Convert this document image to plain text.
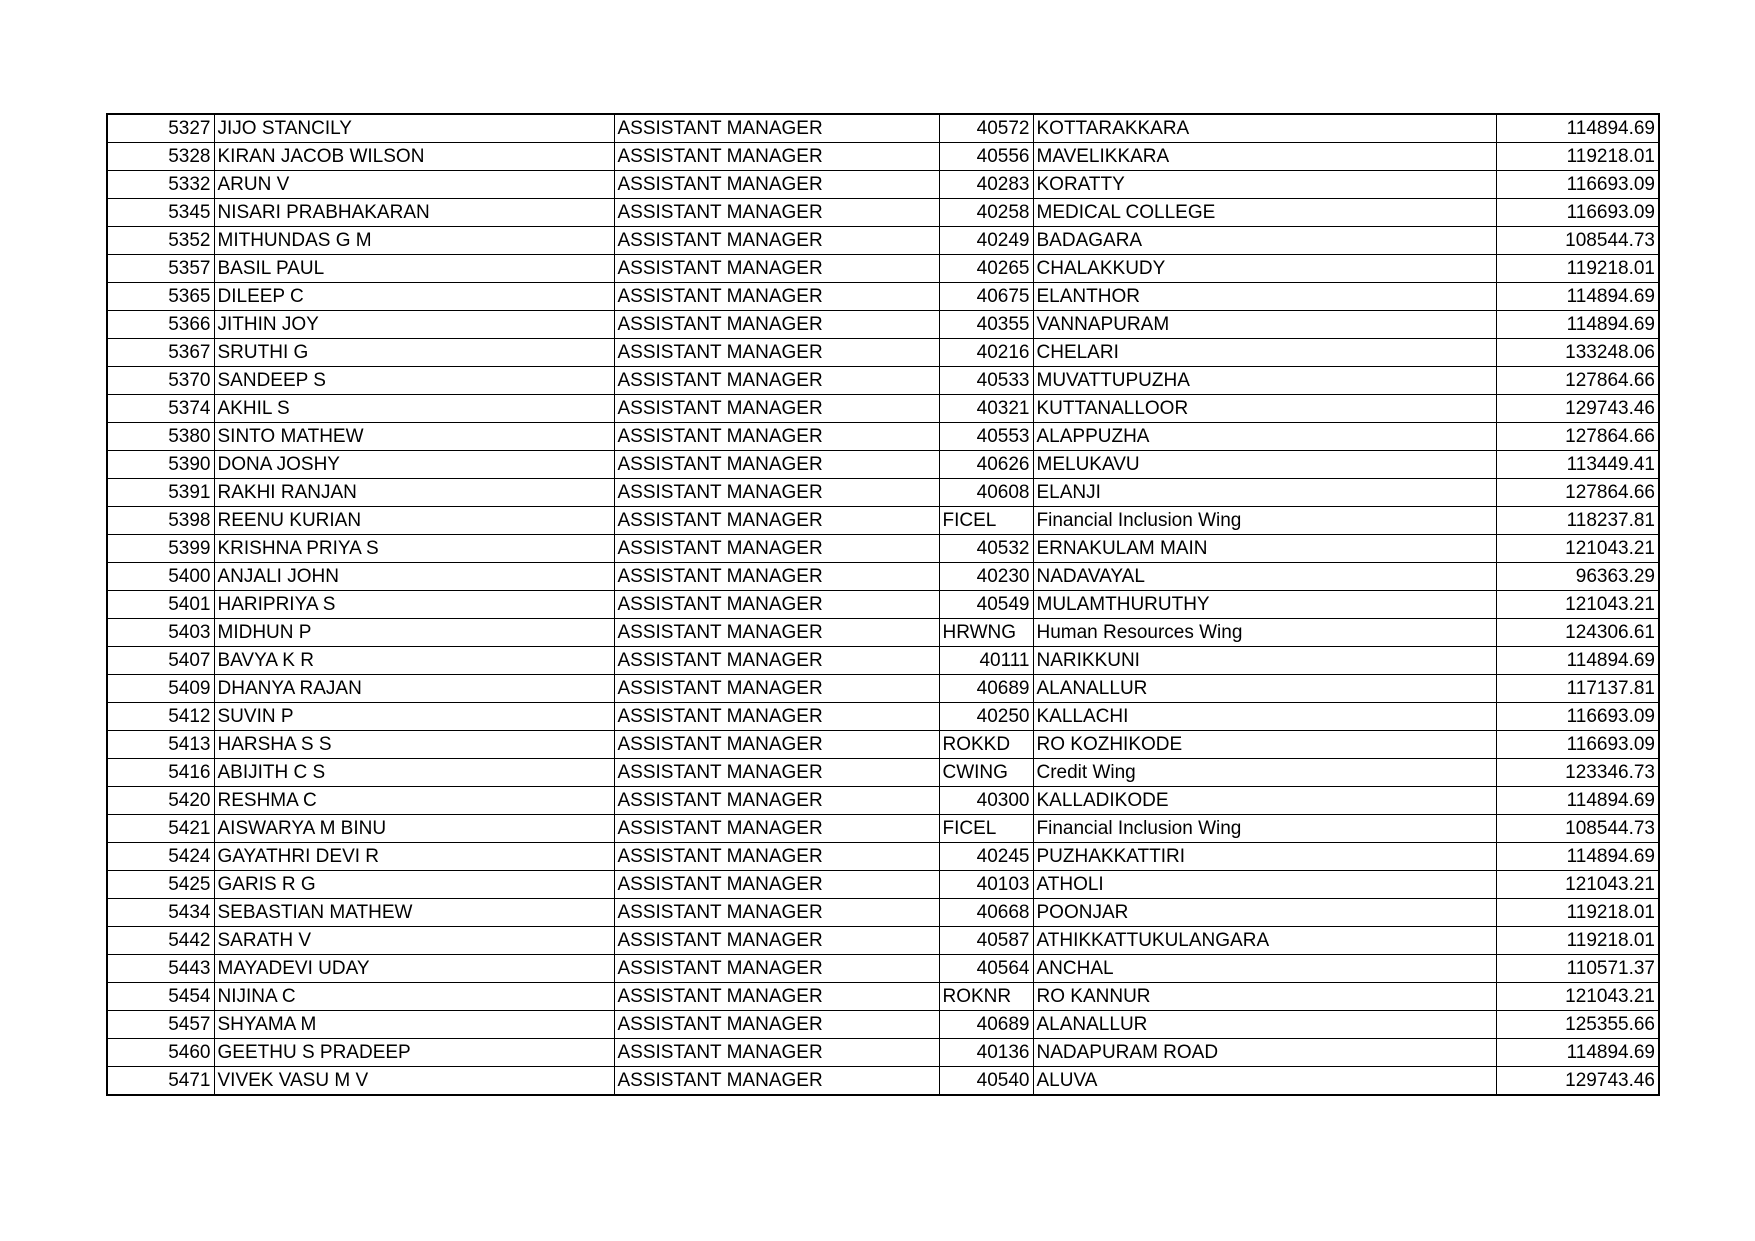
5327	JIJO STANCILY	ASSISTANT MANAGER	40572	KOTTARAKKARA	114894.69
5328	KIRAN JACOB WILSON	ASSISTANT MANAGER	40556	MAVELIKKARA	119218.01
5332	ARUN V	ASSISTANT MANAGER	40283	KORATTY	116693.09
5345	NISARI PRABHAKARAN	ASSISTANT MANAGER	40258	MEDICAL COLLEGE	116693.09
5352	MITHUNDAS G M	ASSISTANT MANAGER	40249	BADAGARA	108544.73
5357	BASIL PAUL	ASSISTANT MANAGER	40265	CHALAKKUDY	119218.01
5365	DILEEP C	ASSISTANT MANAGER	40675	ELANTHOR	114894.69
5366	JITHIN JOY	ASSISTANT MANAGER	40355	VANNAPURAM	114894.69
5367	SRUTHI G	ASSISTANT MANAGER	40216	CHELARI	133248.06
5370	SANDEEP S	ASSISTANT MANAGER	40533	MUVATTUPUZHA	127864.66
5374	AKHIL S	ASSISTANT MANAGER	40321	KUTTANALLOOR	129743.46
5380	SINTO MATHEW	ASSISTANT MANAGER	40553	ALAPPUZHA	127864.66
5390	DONA JOSHY	ASSISTANT MANAGER	40626	MELUKAVU	113449.41
5391	RAKHI RANJAN	ASSISTANT MANAGER	40608	ELANJI	127864.66
5398	REENU KURIAN	ASSISTANT MANAGER	FICEL	Financial Inclusion Wing	118237.81
5399	KRISHNA PRIYA S	ASSISTANT MANAGER	40532	ERNAKULAM MAIN	121043.21
5400	ANJALI JOHN	ASSISTANT MANAGER	40230	NADAVAYAL	96363.29
5401	HARIPRIYA S	ASSISTANT MANAGER	40549	MULAMTHURUTHY	121043.21
5403	MIDHUN P	ASSISTANT MANAGER	HRWNG	Human Resources Wing	124306.61
5407	BAVYA K R	ASSISTANT MANAGER	40111	NARIKKUNI	114894.69
5409	DHANYA RAJAN	ASSISTANT MANAGER	40689	ALANALLUR	117137.81
5412	SUVIN P	ASSISTANT MANAGER	40250	KALLACHI	116693.09
5413	HARSHA S S	ASSISTANT MANAGER	ROKKD	RO KOZHIKODE	116693.09
5416	ABIJITH C S	ASSISTANT MANAGER	CWING	Credit Wing	123346.73
5420	RESHMA C	ASSISTANT MANAGER	40300	KALLADIKODE	114894.69
5421	AISWARYA M BINU	ASSISTANT MANAGER	FICEL	Financial Inclusion Wing	108544.73
5424	GAYATHRI DEVI R	ASSISTANT MANAGER	40245	PUZHAKKATTIRI	114894.69
5425	GARIS R G	ASSISTANT MANAGER	40103	ATHOLI	121043.21
5434	SEBASTIAN MATHEW	ASSISTANT MANAGER	40668	POONJAR	119218.01
5442	SARATH V	ASSISTANT MANAGER	40587	ATHIKKATTUKULANGARA	119218.01
5443	MAYADEVI UDAY	ASSISTANT MANAGER	40564	ANCHAL	110571.37
5454	NIJINA C	ASSISTANT MANAGER	ROKNR	RO KANNUR	121043.21
5457	SHYAMA M	ASSISTANT MANAGER	40689	ALANALLUR	125355.66
5460	GEETHU S PRADEEP	ASSISTANT MANAGER	40136	NADAPURAM ROAD	114894.69
5471	VIVEK VASU M V	ASSISTANT MANAGER	40540	ALUVA	129743.46
